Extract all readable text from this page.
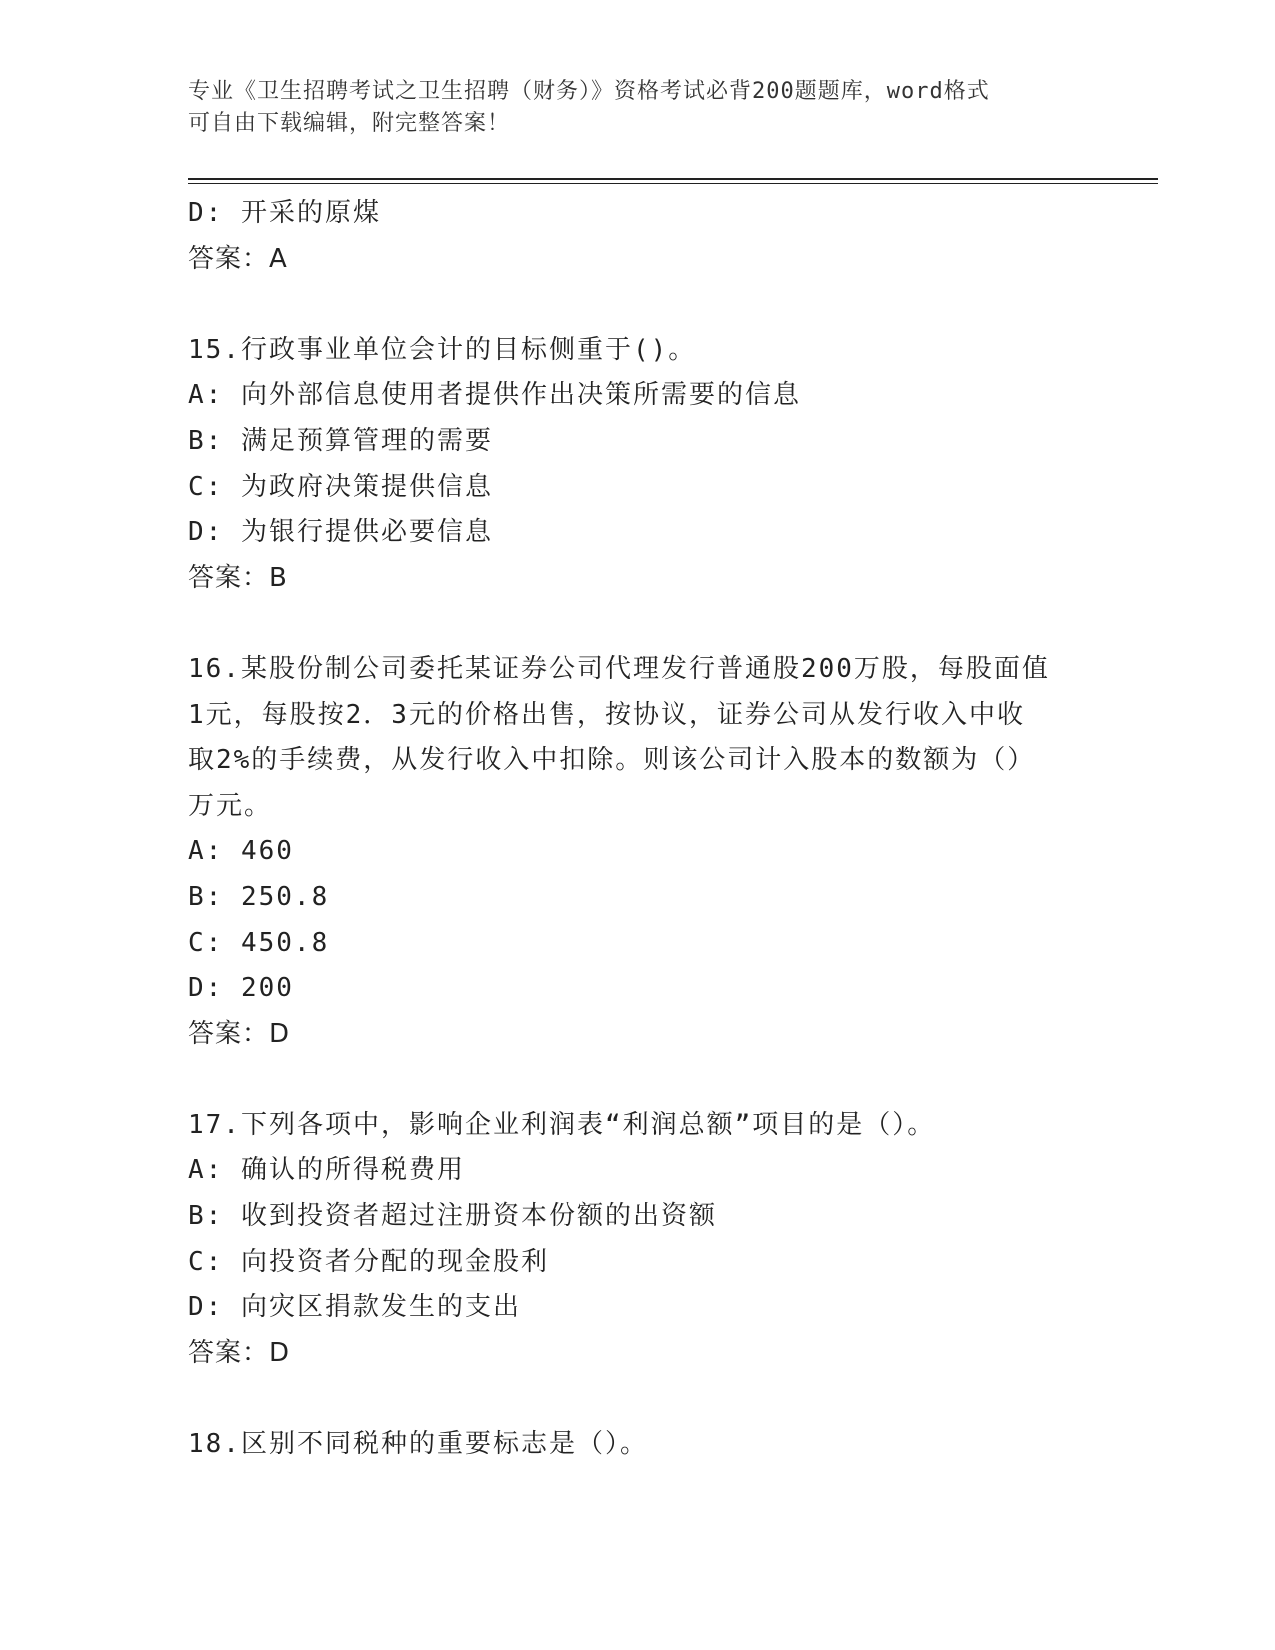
专业《卫生招聘考试之卫生招聘（财务）》资格考试必背200题题库，word格式
可自由下载编辑，附完整答案！
D: 开采的原煤
答案：A
15.行政事业单位会计的目标侧重于()。
A: 向外部信息使用者提供作出决策所需要的信息
B: 满足预算管理的需要
C: 为政府决策提供信息
D: 为银行提供必要信息
答案：B
16.某股份制公司委托某证券公司代理发行普通股200万股，每股面值
1元，每股按2．3元的价格出售，按协议，证券公司从发行收入中收
取2%的手续费，从发行收入中扣除。则该公司计入股本的数额为（）
万元。
A: 460
B: 250.8
C: 450.8
D: 200
答案：D
17.下列各项中，影响企业利润表“利润总额”项目的是（）。
A: 确认的所得税费用
B: 收到投资者超过注册资本份额的出资额
C: 向投资者分配的现金股利
D: 向灾区捐款发生的支出
答案：D
18.区别不同税种的重要标志是（）。
